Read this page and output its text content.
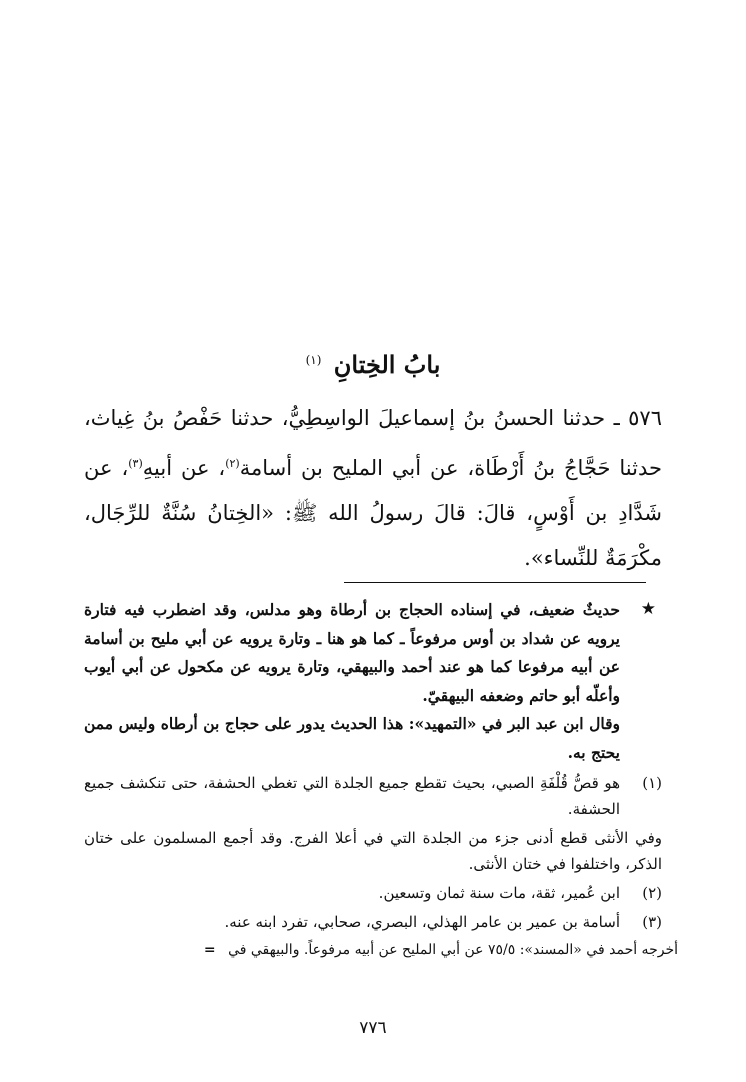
بابُ الخِتانِ $^{(١)}$
٥٧٦ ـ حدثنا الحسنُ بنُ إسماعيلَ الواسِطِيُّ، حدثنا حَفْصُ بنُ غِياث، حدثنا حَجَّاجُ بنُ أَرْطَاة، عن أبي المليح بن أسامة$^{(٢)}$، عن أبيهِ$^{(٣)}$، عن شَدَّادِ بن أَوْسٍ، قالَ: قالَ رسولُ الله ﷺ: «الخِتانُ سُنَّةٌ للرِّجَال، مكْرَمَةٌ للنِّساء».
★
حديثٌ ضعيف، في إسناده الحجاج بن أرطاة وهو مدلس، وقد اضطرب فيه فتارة يرويه عن شداد بن أوس مرفوعاً ـ كما هو هنا ـ وتارة يرويه عن أبي مليح بن أسامة عن أبيه مرفوعا كما هو عند أحمد والبيهقي، وتارة يرويه عن مكحول عن أبي أيوب وأعلّه أبو حاتم وضعفه البيهقيّ.
وقال ابن عبد البر في «التمهيد»: هذا الحديث يدور على حجاج بن أرطاه وليس ممن يحتج به.
(١)
هو قصُّ قُلْفَةِ الصبي، بحيث تقطع جميع الجلدة التي تغطي الحشفة، حتى تنكشف جميع الحشفة.
وفي الأنثى قطع أدنى جزء من الجلدة التي في أعلا الفرج. وقد أجمع المسلمون على ختان الذكر، واختلفوا في ختان الأنثى.
(٢)
ابن عُمير، ثقة، مات سنة ثمان وتسعين.
(٣)
أسامة بن عمير بن عامر الهذلي، البصري، صحابي، تفرد ابنه عنه.
أخرجه أحمد في «المسند»: ٧٥/٥ عن أبي المليح عن أبيه مرفوعاً. والبيهقي في =
٧٧٦
